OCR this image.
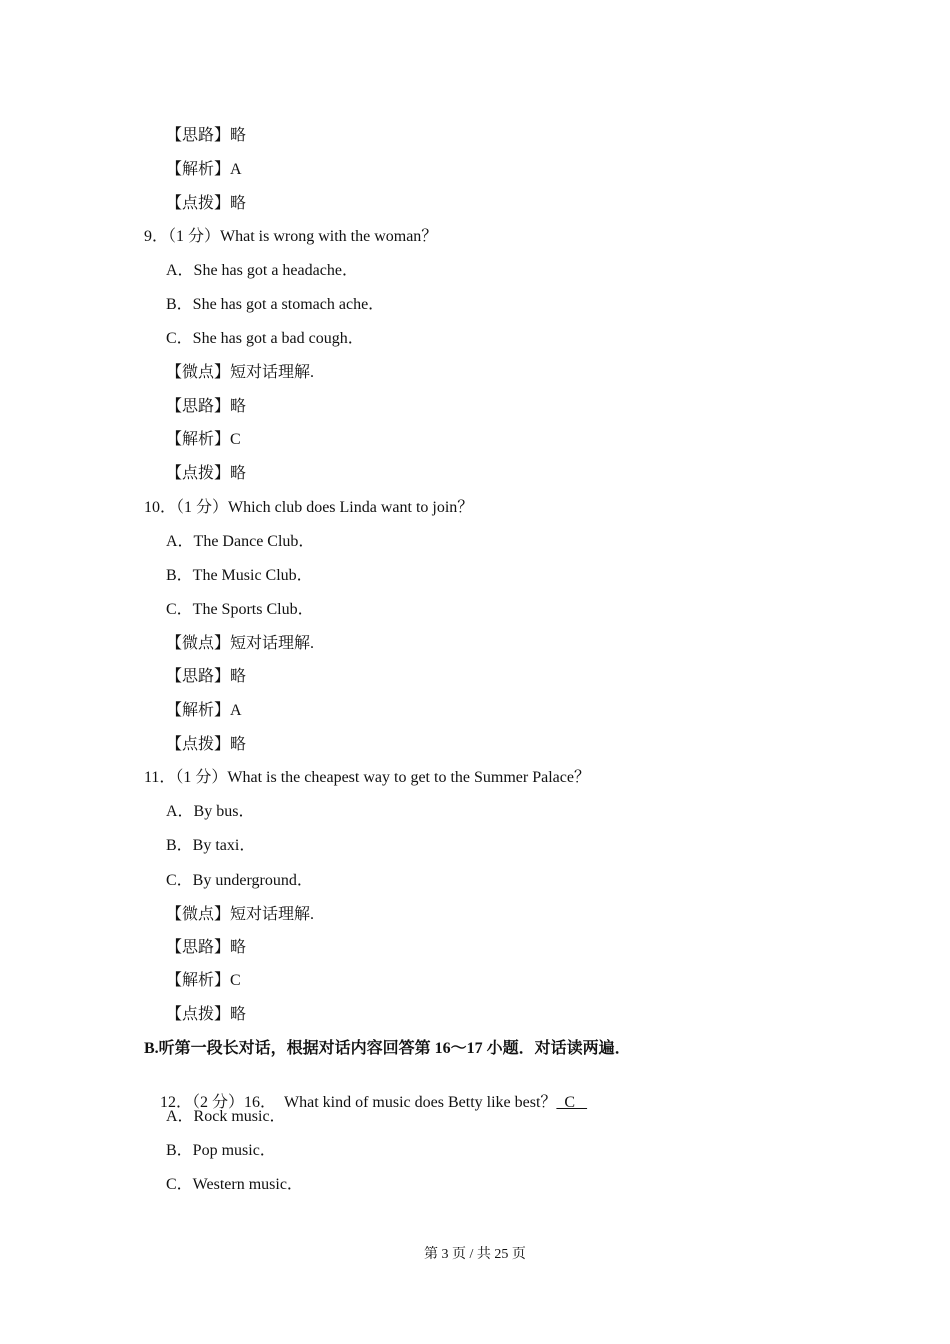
【思路】略
【解析】A
【点拨】略
9．（1 分）What is wrong with the woman？
A．She has got a headache．
B．She has got a stomach ache．
C．She has got a bad cough．
【微点】短对话理解.
【思路】略
【解析】C
【点拨】略
10．（1 分）Which club does Linda want to join？
A．The Dance Club．
B．The Music Club．
C．The Sports Club．
【微点】短对话理解.
【思路】略
【解析】A
【点拨】略
11．（1 分）What is the cheapest way to get to the Summer Palace？
A．By bus．
B．By taxi．
C．By underground．
【微点】短对话理解.
【思路】略
【解析】C
【点拨】略
B.听第一段长对话，根据对话内容回答第 16～17 小题．对话读两遍．

12．（2 分）16．  What kind of music does Betty like best？  C

A．Rock music．
B．Pop music．
C．Western music．
第 3 页 / 共 25 页
